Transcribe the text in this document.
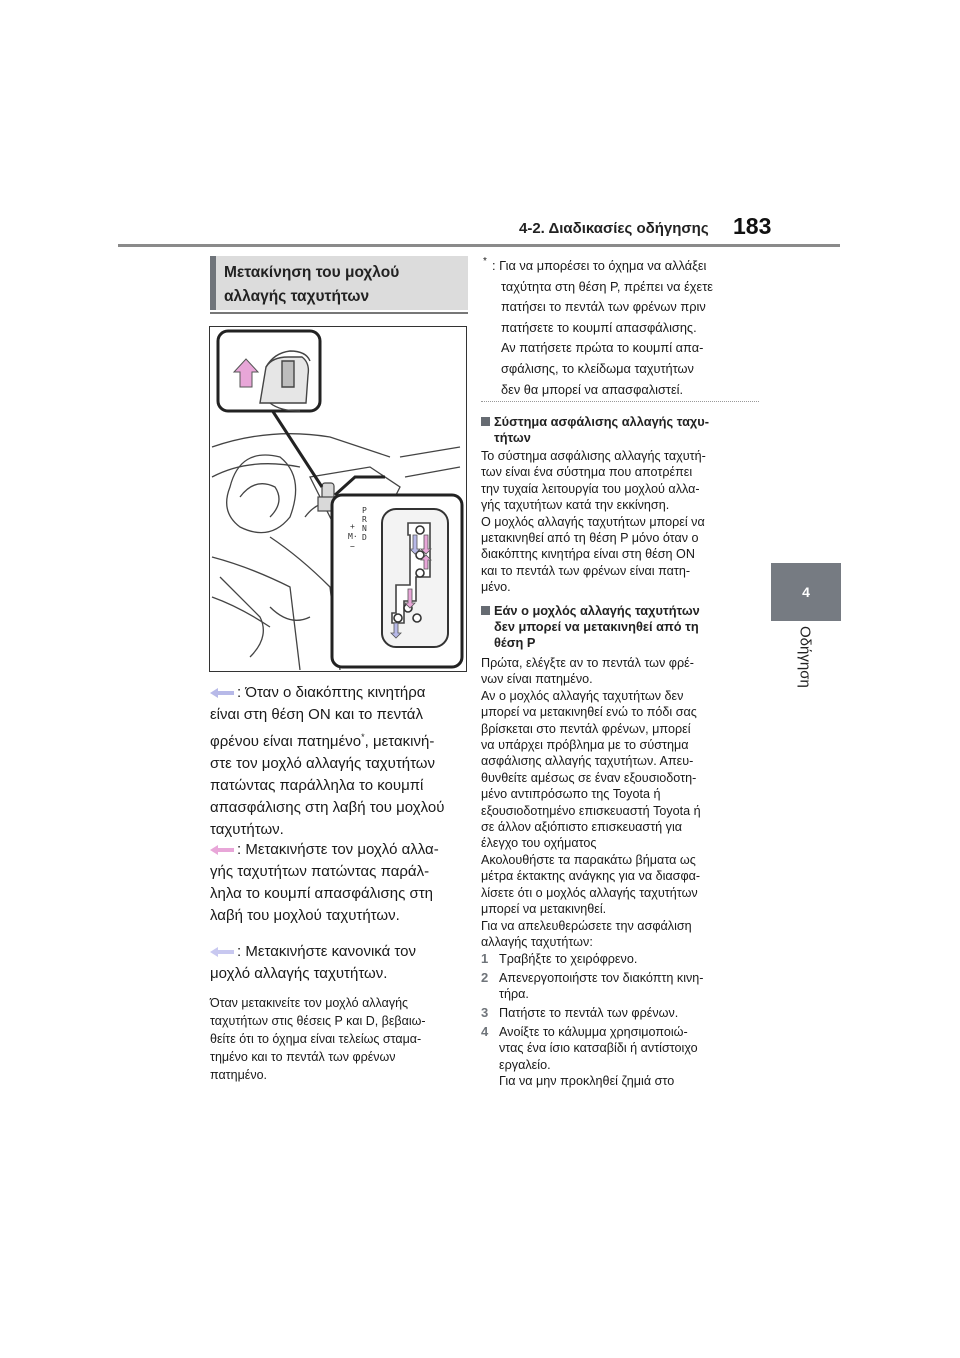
4-2. Διαδικασίες οδήγησης 183
4
Οδήγηση
Μετακίνηση του μοχλού
αλλαγής ταχυτήτων
P
R
N
D
+
M·
−
: Όταν ο διακόπτης κινητήρα
είναι στη θέση ON και το πεντάλ
φρένου είναι πατημένο*, μετακινή-
στε τον μοχλό αλλαγής ταχυτήτων
πατώντας παράλληλα το κουμπί
απασφάλισης στη λαβή του μοχλού
ταχυτήτων.
: Μετακινήστε τον μοχλό αλλα-
γής ταχυτήτων πατώντας παράλ-
ληλα το κουμπί απασφάλισης στη
λαβή του μοχλού ταχυτήτων.
: Μετακινήστε κανονικά τον
μοχλό αλλαγής ταχυτήτων.
Όταν μετακινείτε τον μοχλό αλλαγής
ταχυτήτων στις θέσεις P και D, βεβαιω-
θείτε ότι το όχημα είναι τελείως σταμα-
τημένο και το πεντάλ των φρένων
πατημένο.
* : Για να μπορέσει το όχημα να αλλάξει
ταχύτητα στη θέση P, πρέπει να έχετε
πατήσει το πεντάλ των φρένων πριν
πατήσετε το κουμπί απασφάλισης.
Αν πατήσετε πρώτα το κουμπί απα-
σφάλισης, το κλείδωμα ταχυτήτων
δεν θα μπορεί να απασφαλιστεί.
Σύστημα ασφάλισης αλλαγής ταχυ-
τήτων
Το σύστημα ασφάλισης αλλαγής ταχυτή-
των είναι ένα σύστημα που αποτρέπει
την τυχαία λειτουργία του μοχλού αλλα-
γής ταχυτήτων κατά την εκκίνηση.
Ο μοχλός αλλαγής ταχυτήτων μπορεί να
μετακινηθεί από τη θέση P μόνο όταν ο
διακόπτης κινητήρα είναι στη θέση ON
και το πεντάλ των φρένων είναι πατη-
μένο.
Εάν ο μοχλός αλλαγής ταχυτήτων
δεν μπορεί να μετακινηθεί από τη
θέση P
Πρώτα, ελέγξτε αν το πεντάλ των φρέ-
νων είναι πατημένο.
Αν ο μοχλός αλλαγής ταχυτήτων δεν
μπορεί να μετακινηθεί ενώ το πόδι σας
βρίσκεται στο πεντάλ φρένων, μπορεί
να υπάρχει πρόβλημα με το σύστημα
ασφάλισης αλλαγής ταχυτήτων. Απευ-
θυνθείτε αμέσως σε έναν εξουσιοδοτη-
μένο αντιπρόσωπο της Toyota ή
εξουσιοδοτημένο επισκευαστή Toyota ή
σε άλλον αξιόπιστο επισκευαστή για
έλεγχο του οχήματος
Ακολουθήστε τα παρακάτω βήματα ως
μέτρα έκτακτης ανάγκης για να διασφα-
λίσετε ότι ο μοχλός αλλαγής ταχυτήτων
μπορεί να μετακινηθεί.
Για να απελευθερώσετε την ασφάλιση
αλλαγής ταχυτήτων:
1 Τραβήξτε το χειρόφρενο.
2 Απενεργοποιήστε τον διακόπτη κινη-
τήρα.
3 Πατήστε το πεντάλ των φρένων.
4 Ανοίξτε το κάλυμμα χρησιμοποιώ-
ντας ένα ίσιο κατσαβίδι ή αντίστοιχο
εργαλείο.
Για να μην προκληθεί ζημιά στο
